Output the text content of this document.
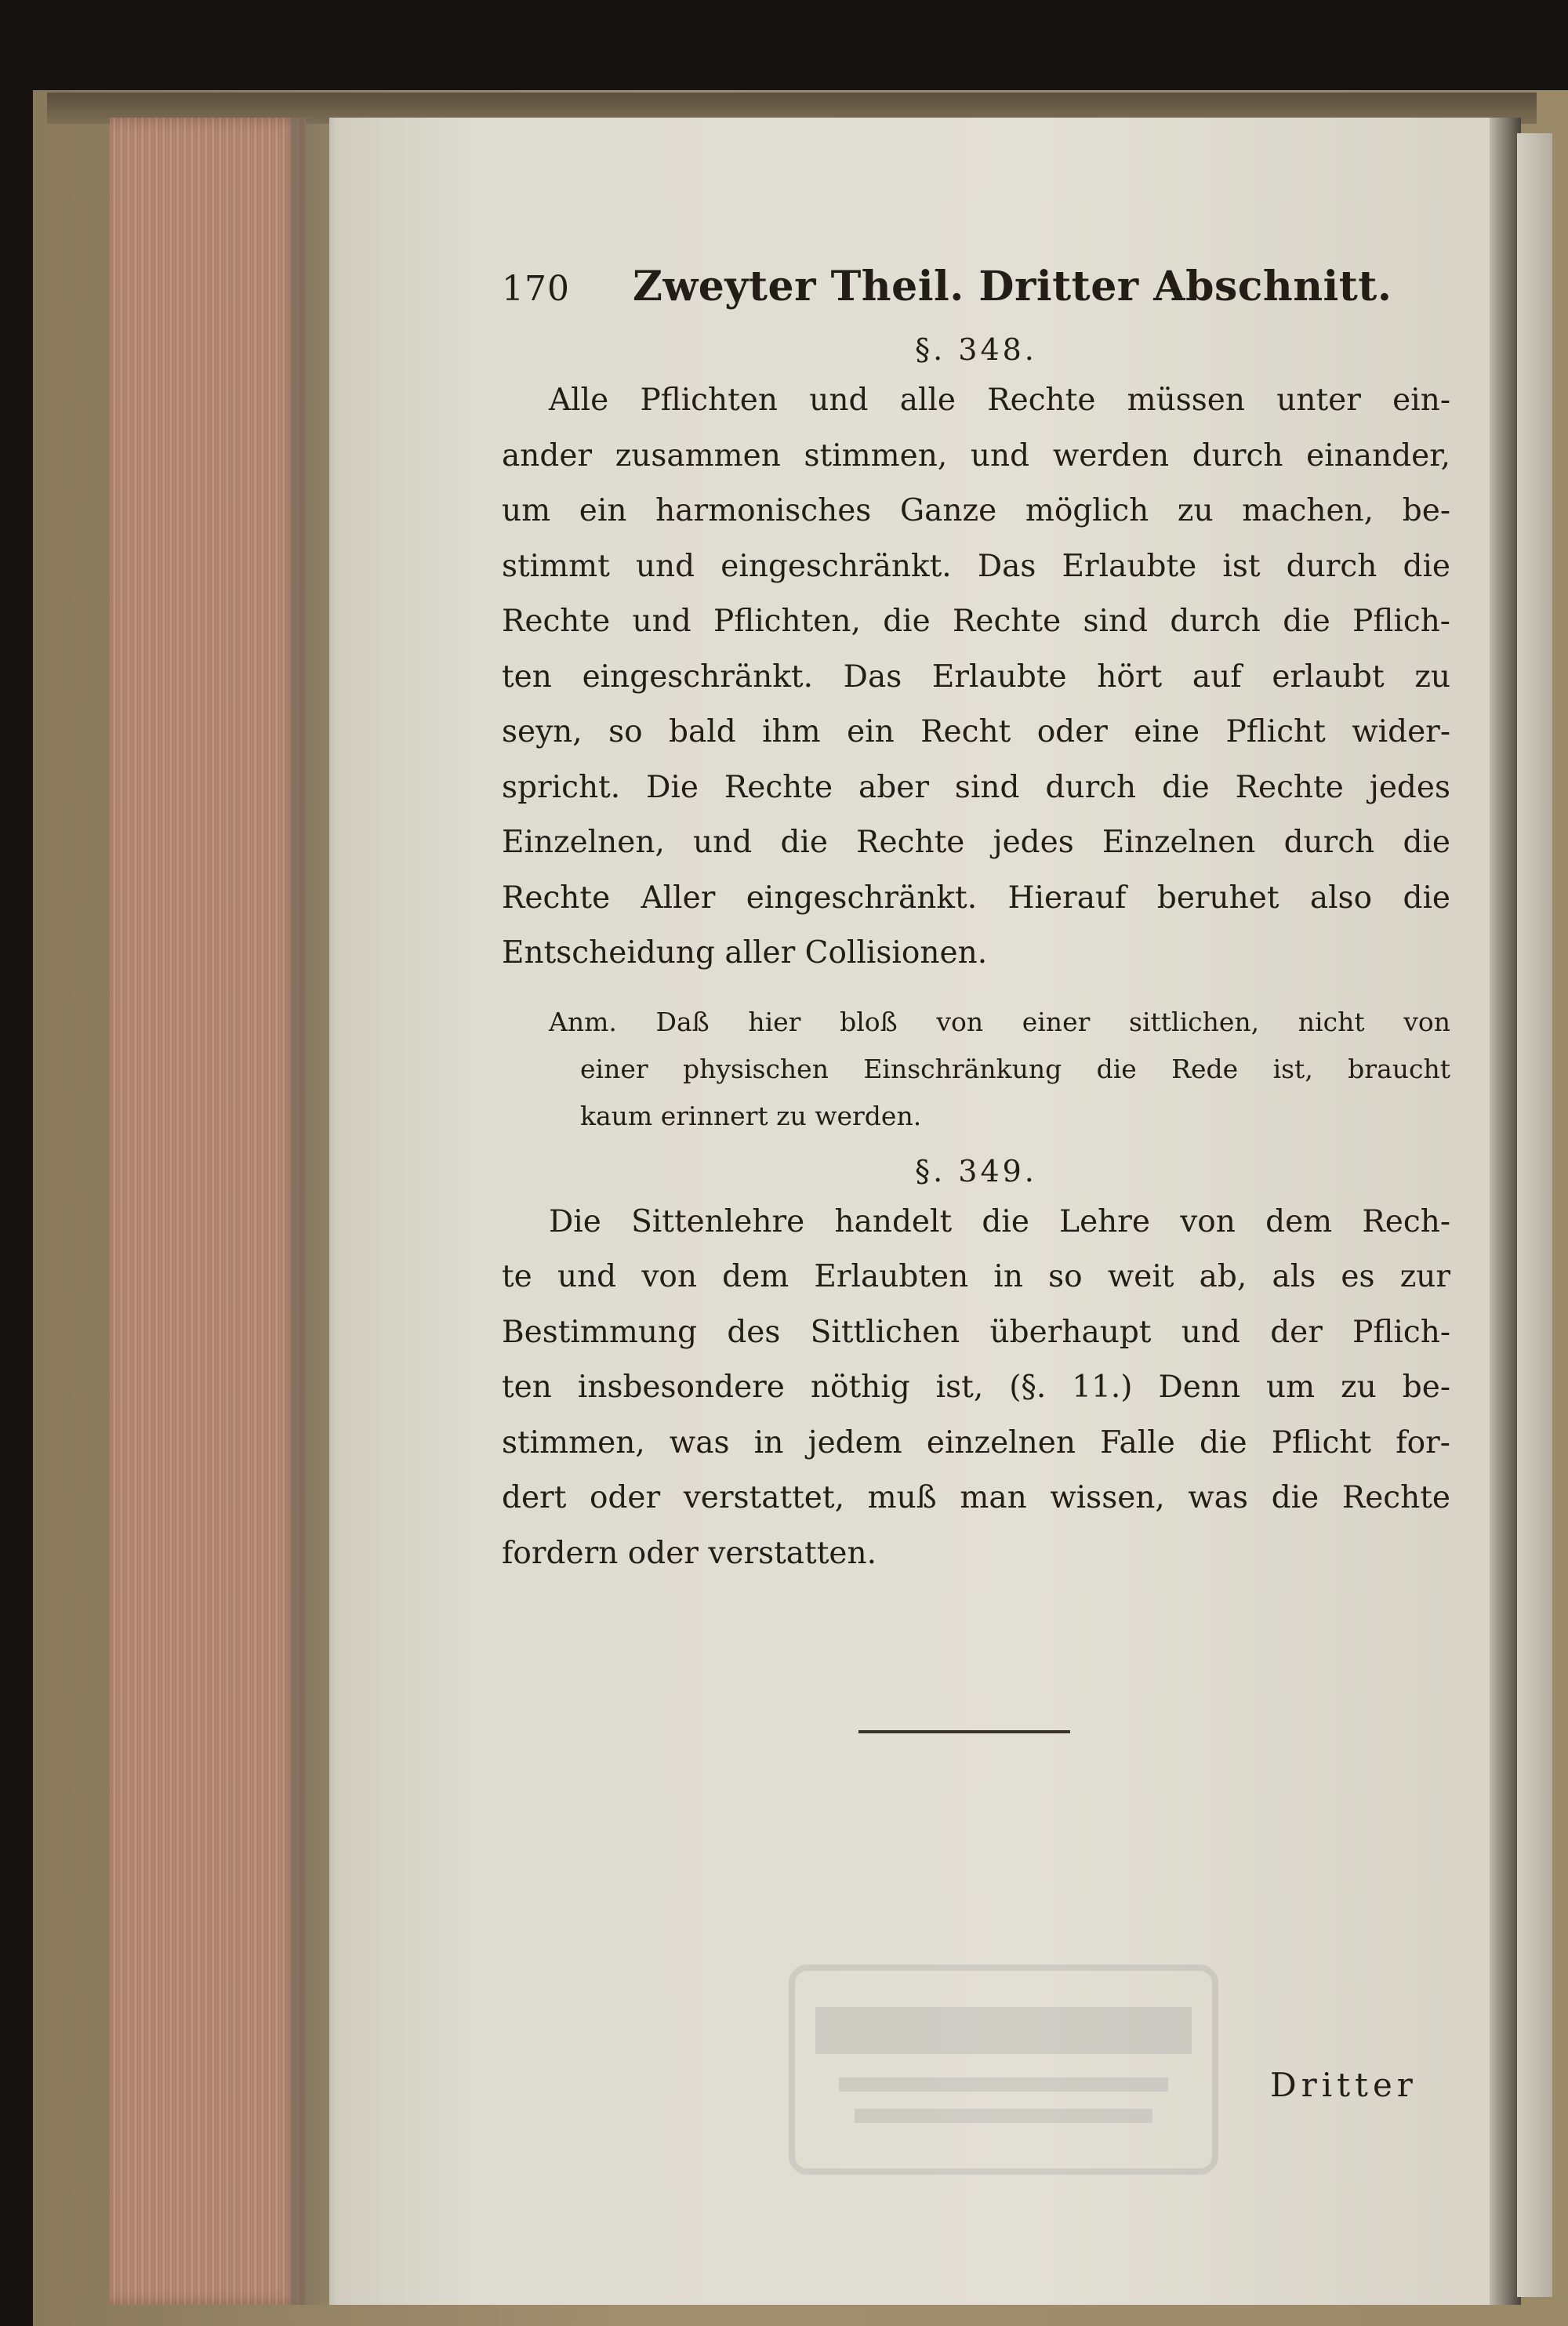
170 Zweyter Theil. Dritter Abschnitt.
§. 348.
Alle Pflichten und alle Rechte müssen unter ein-
ander zusammen stimmen, und werden durch einander,
um ein harmonisches Ganze möglich zu machen, be-
stimmt und eingeschränkt. Das Erlaubte ist durch die
Rechte und Pflichten, die Rechte sind durch die Pflich-
ten eingeschränkt. Das Erlaubte hört auf erlaubt zu
seyn, so bald ihm ein Recht oder eine Pflicht wider-
spricht. Die Rechte aber sind durch die Rechte jedes
Einzelnen, und die Rechte jedes Einzelnen durch die
Rechte Aller eingeschränkt. Hierauf beruhet also die
Entscheidung aller Collisionen.
Anm. Daß hier bloß von einer sittlichen, nicht von
einer physischen Einschränkung die Rede ist, braucht
kaum erinnert zu werden.
§. 349.
Die Sittenlehre handelt die Lehre von dem Rech-
te und von dem Erlaubten in so weit ab, als es zur
Bestimmung des Sittlichen überhaupt und der Pflich-
ten insbesondere nöthig ist, (§. 11.) Denn um zu be-
stimmen, was in jedem einzelnen Falle die Pflicht for-
dert oder verstattet, muß man wissen, was die Rechte
fordern oder verstatten.
Dritter
